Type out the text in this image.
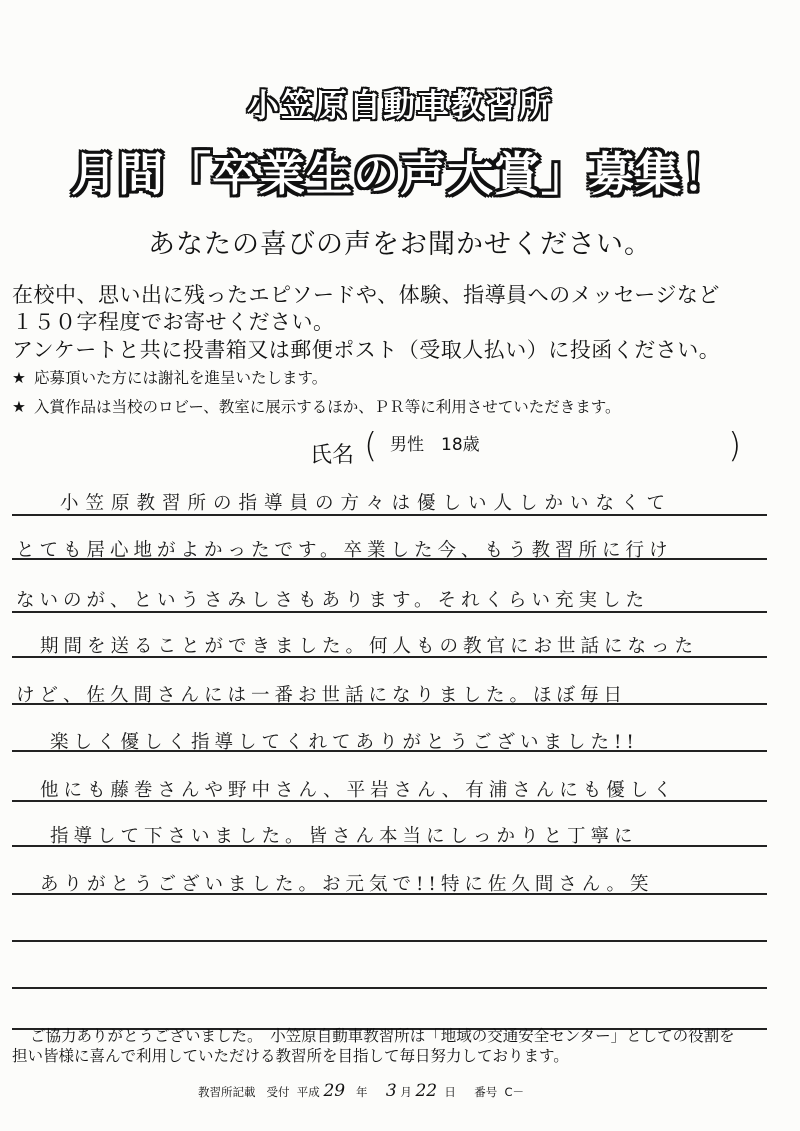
小笠原自動車教習所
月間「卒業生の声大賞」募集！
あなたの喜びの声をお聞かせください。
在校中、思い出に残ったエピソードや、体験、指導員へのメッセージなど
１５０字程度でお寄せください。
アンケートと共に投書箱又は郵便ポスト（受取人払い）に投函ください。
★ 応募頂いた方には謝礼を進呈いたします。
★ 入賞作品は当校のロビー、教室に展示するほか、ＰＲ等に利用させていただきます。
氏名 ( 男性　18歳	)
小笠原教習所の指導員の方々は優しい人しかいなくて
とても居心地がよかったです。卒業した今、もう教習所に行け
ないのが、というさみしさもあります。それくらい充実した
期間を送ることができました。何人もの教官にお世話になった
けど、佐久間さんには一番お世話になりました。ほぼ毎日
楽しく優しく指導してくれてありがとうございました!!
他にも藤巻さんや野中さん、平岩さん、有浦さんにも優しく
指導して下さいました。皆さん本当にしっかりと丁寧に
ありがとうございました。お元気で!!特に佐久間さん。笑
ご協力ありがとうございました。　小笠原自動車教習所は「地域の交通安全センター」としての役割を
担い皆様に喜んで利用していただける教習所を目指して毎日努力しております。
教習所記載 受付 平成 29 年 3 月 22 日 番号 C－
